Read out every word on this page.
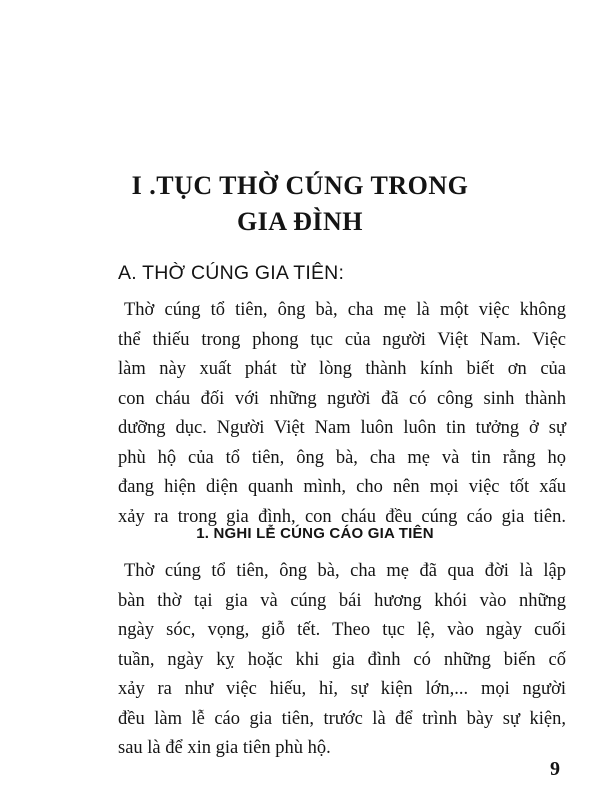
I .TỤC THỜ CÚNG TRONG
GIA ĐÌNH
A. THỜ CÚNG GIA TIÊN:
Thờ cúng tổ tiên, ông bà, cha mẹ là một việc không
thể thiếu trong phong tục của người Việt Nam. Việc
làm này xuất phát từ lòng thành kính biết ơn của
con cháu đối với những người đã có công sinh thành
dưỡng dục. Người Việt Nam luôn luôn tin tưởng ở sự
phù hộ của tổ tiên, ông bà, cha mẹ và tin rằng họ
đang hiện diện quanh mình, cho nên mọi việc tốt xấu
xảy ra trong gia đình, con cháu đều cúng cáo gia tiên.
1. NGHI LỄ CÚNG CÁO GIA TIÊN
Thờ cúng tổ tiên, ông bà, cha mẹ đã qua đời là lập
bàn thờ tại gia và cúng bái hương khói vào những
ngày sóc, vọng, giỗ tết. Theo tục lệ, vào ngày cuối
tuần, ngày kỵ hoặc khi gia đình có những biến cố
xảy ra như việc hiếu, hỉ, sự kiện lớn,... mọi người
đều làm lễ cáo gia tiên, trước là để trình bày sự kiện,
sau là để xin gia tiên phù hộ.
9
